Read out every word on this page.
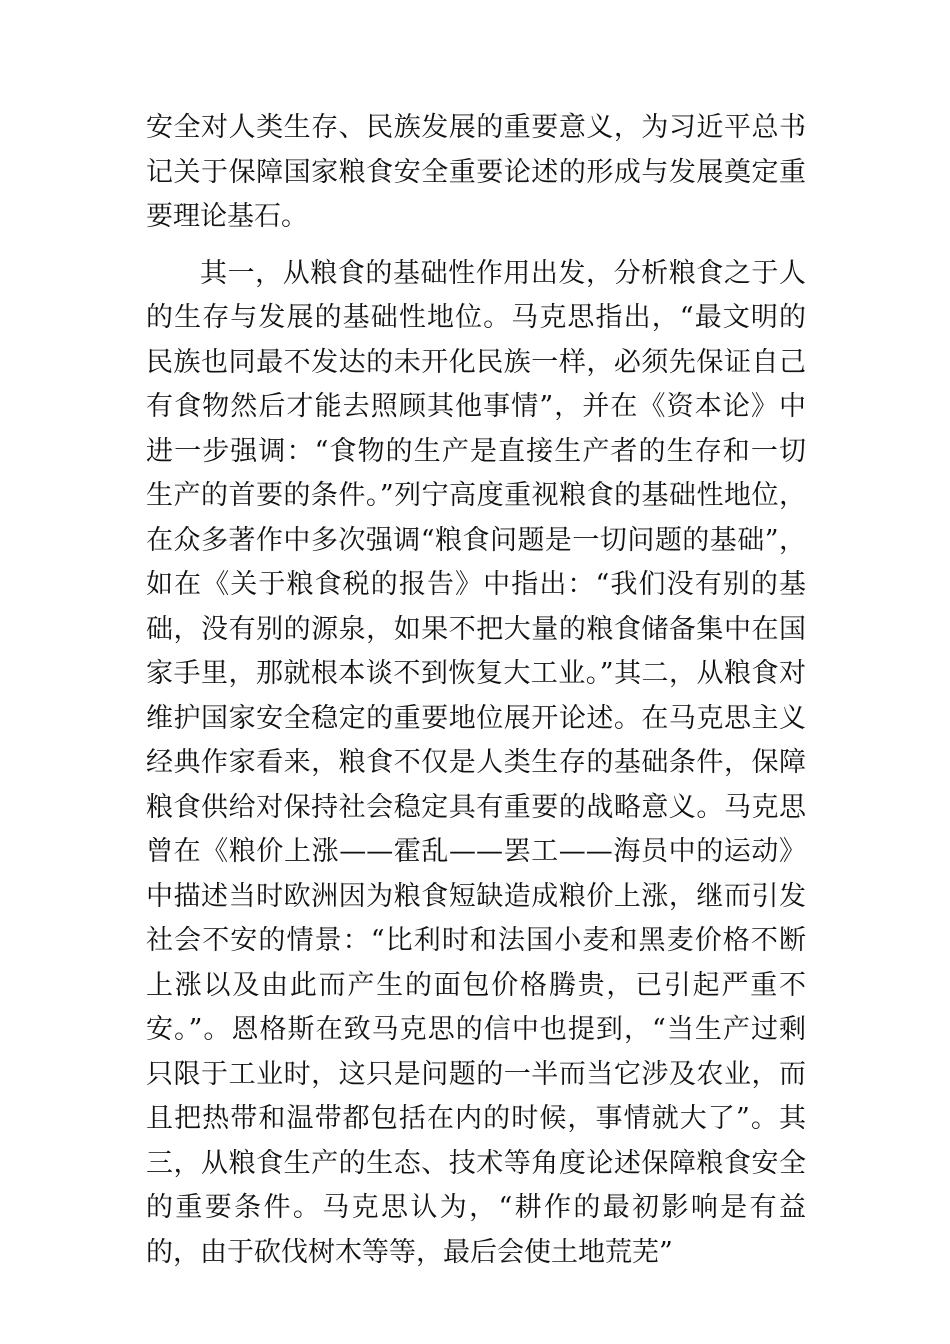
安全对人类生存、民族发展的重要意义，为习近平总书记关于保障国家粮食安全重要论述的形成与发展奠定重要理论基石。

其一，从粮食的基础性作用出发，分析粮食之于人的生存与发展的基础性地位。马克思指出，“最文明的民族也同最不发达的未开化民族一样，必须先保证自己有食物然后才能去照顾其他事情”，并在《资本论》中进一步强调：“食物的生产是直接生产者的生存和一切生产的首要的条件。”列宁高度重视粮食的基础性地位，在众多著作中多次强调“粮食问题是一切问题的基础”，如在《关于粮食税的报告》中指出：“我们没有别的基础，没有别的源泉，如果不把大量的粮食储备集中在国家手里，那就根本谈不到恢复大工业。”其二，从粮食对维护国家安全稳定的重要地位展开论述。在马克思主义经典作家看来，粮食不仅是人类生存的基础条件，保障粮食供给对保持社会稳定具有重要的战略意义。马克思曾在《粮价上涨——霍乱——罢工——海员中的运动》中描述当时欧洲因为粮食短缺造成粮价上涨，继而引发社会不安的情景：“比利时和法国小麦和黑麦价格不断上涨以及由此而产生的面包价格腾贵，已引起严重不安。”。恩格斯在致马克思的信中也提到，“当生产过剩只限于工业时，这只是问题的一半而当它涉及农业，而且把热带和温带都包括在内的时候，事情就大了”。其三，从粮食生产的生态、技术等角度论述保障粮食安全的重要条件。马克思认为，“耕作的最初影响是有益的，由于砍伐树木等等，最后会使土地荒芜”
